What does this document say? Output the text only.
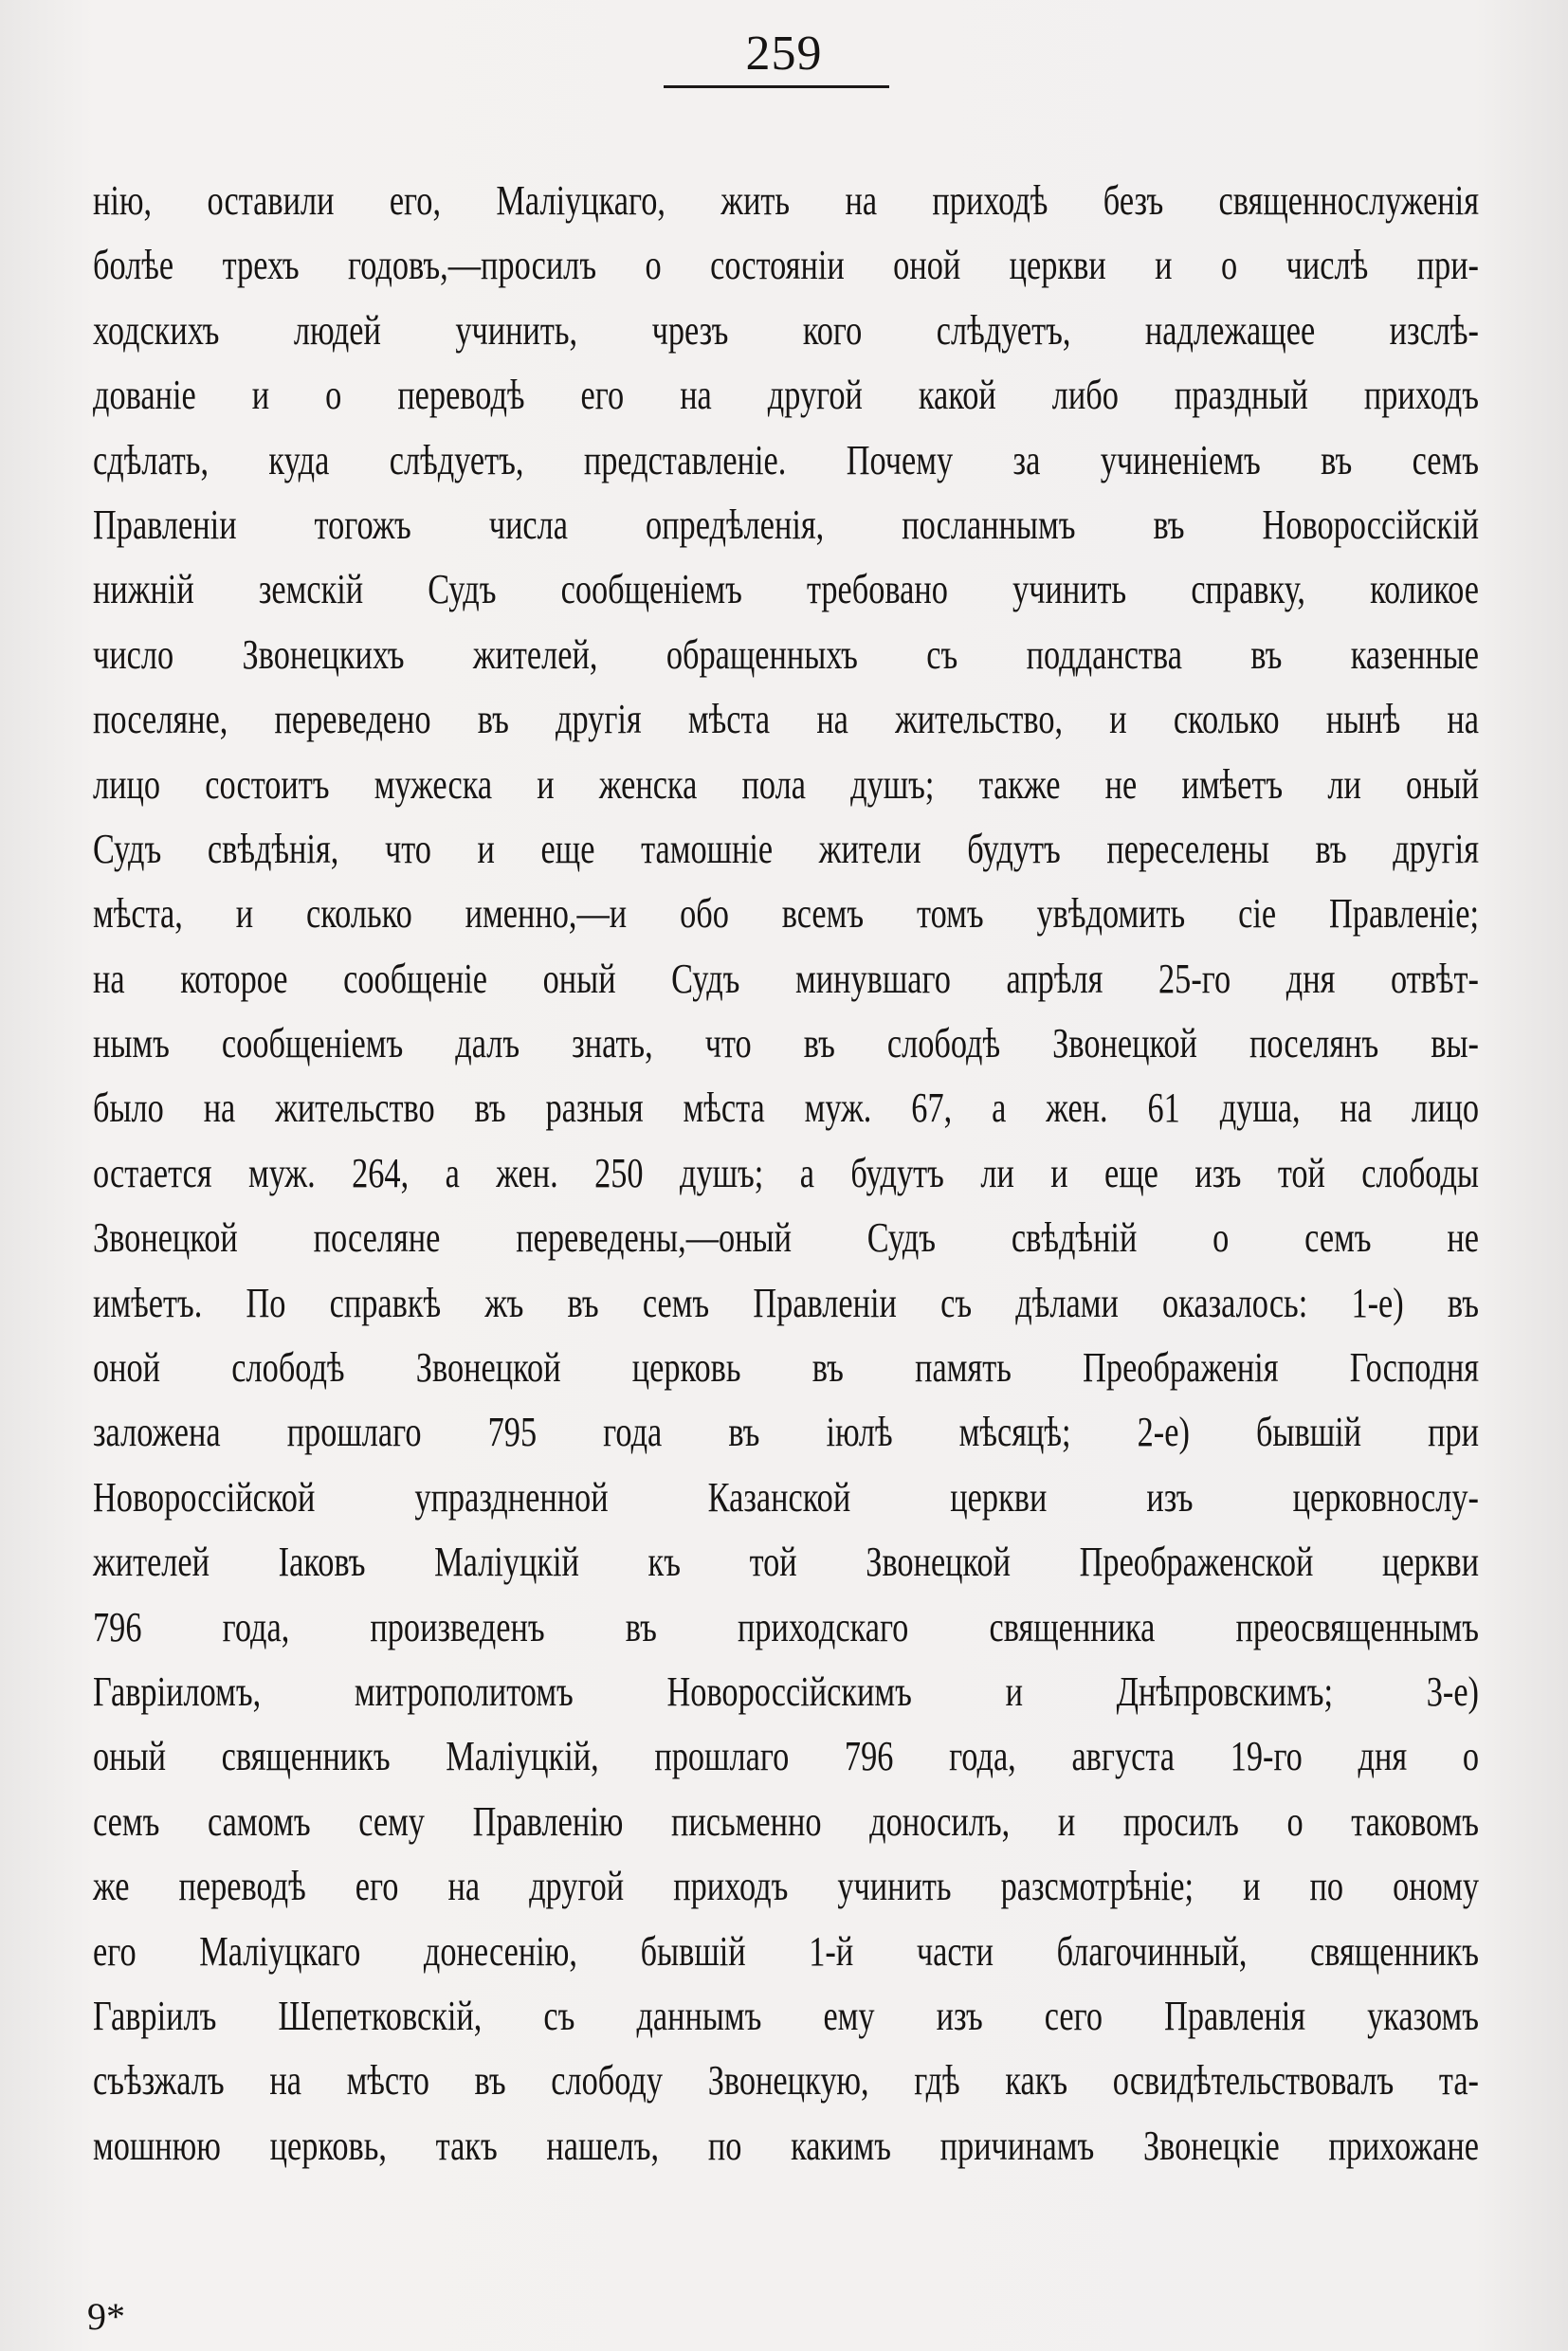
259
нію, оставили его, Маліуцкаго, жить на приходѣ безъ священнослуженія
болѣе трехъ годовъ,—просилъ о состояніи оной церкви и о числѣ при-
ходскихъ людей учинить, чрезъ кого слѣдуетъ, надлежащее изслѣ-
дованіе и о переводѣ его на другой какой либо праздный приходъ
сдѣлать, куда слѣдуетъ, представленіе. Почему за учиненіемъ въ семъ
Правленіи тогожъ числа опредѣленія, посланнымъ въ Новороссійскій
нижній земскій Судъ сообщеніемъ требовано учинить справку, коликое
число Звонецкихъ жителей, обращенныхъ съ подданства въ казенные
поселяне, переведено въ другія мѣста на жительство, и сколько нынѣ на
лицо состоитъ мужеска и женска пола душъ; также не имѣетъ ли оный
Судъ свѣдѣнія, что и еще тамошніе жители будутъ переселены въ другія
мѣста, и сколько именно,—и обо всемъ томъ увѣдомить сіе Правленіе;
на которое сообщеніе оный Судъ минувшаго апрѣля 25-го дня отвѣт-
нымъ сообщеніемъ далъ знать, что въ слободѣ Звонецкой поселянъ вы-
было на жительство въ разныя мѣста муж. 67, а жен. 61 душа, на лицо
остается муж. 264, а жен. 250 душъ; а будутъ ли и еще изъ той слободы
Звонецкой поселяне переведены,—оный Судъ свѣдѣній о семъ не
имѣетъ. По справкѣ жъ въ семъ Правленіи съ дѣлами оказалось: 1-е) въ
оной слободѣ Звонецкой церковь въ память Преображенія Господня
заложена прошлаго 795 года въ іюлѣ мѣсяцѣ; 2-е) бывшій при
Новороссійской упраздненной Казанской церкви изъ церковнослу-
жителей Іаковъ Маліуцкій къ той Звонецкой Преображенской церкви
796 года, произведенъ въ приходскаго священника преосвященнымъ
Гавріиломъ, митрополитомъ Новороссійскимъ и Днѣпровскимъ; 3-е)
оный священникъ Маліуцкій, прошлаго 796 года, августа 19-го дня о
семъ самомъ сему Правленію письменно доносилъ, и просилъ о таковомъ
же переводѣ его на другой приходъ учинить разсмотрѣніе; и по оному
его Маліуцкаго донесенію, бывшій 1-й части благочинный, священникъ
Гавріилъ Шепетковскій, съ даннымъ ему изъ сего Правленія указомъ
съѣзжалъ на мѣсто въ слободу Звонецкую, гдѣ какъ освидѣтельствовалъ та-
мошнюю церковь, такъ нашелъ, по какимъ причинамъ Звонецкіе прихожане
9*
